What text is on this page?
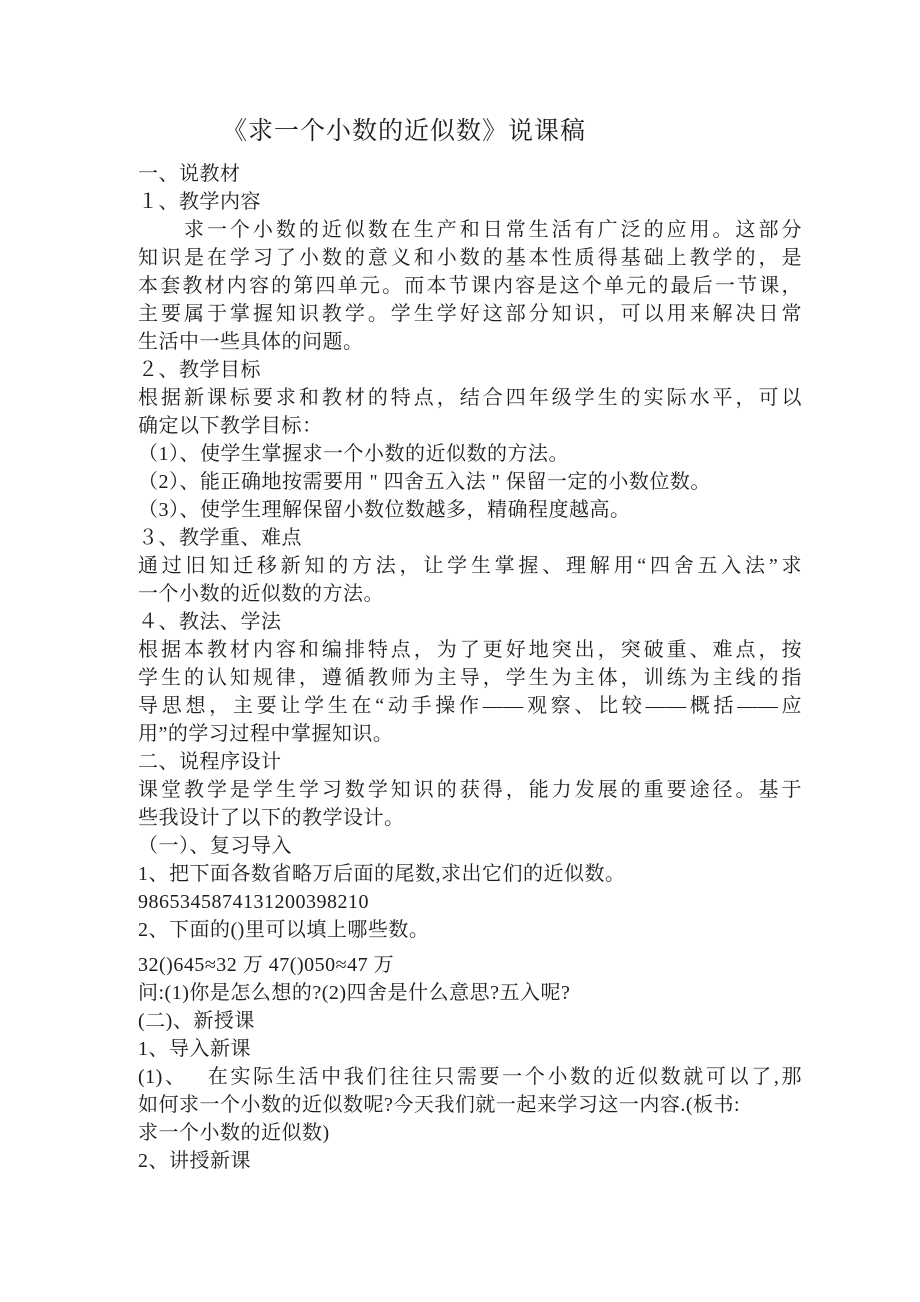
《求一个小数的近似数》说课稿
一、说教材
１、教学内容
　　求一个小数的近似数在生产和日常生活有广泛的应用。这部分
知识是在学习了小数的意义和小数的基本性质得基础上教学的，是
本套教材内容的第四单元。而本节课内容是这个单元的最后一节课，
主要属于掌握知识教学。学生学好这部分知识，可以用来解决日常
生活中一些具体的问题。
２、教学目标
根据新课标要求和教材的特点，结合四年级学生的实际水平，可以
确定以下教学目标：
（1）、使学生掌握求一个小数的近似数的方法。
（2）、能正确地按需要用 " 四舍五入法 " 保留一定的小数位数。
（3）、使学生理解保留小数位数越多，精确程度越高。
３、教学重、难点
通过旧知迁移新知的方法，让学生掌握、理解用“四舍五入法”求
一个小数的近似数的方法。
４、教法、学法
根据本教材内容和编排特点，为了更好地突出，突破重、难点，按
学生的认知规律，遵循教师为主导，学生为主体，训练为主线的指
导思想，主要让学生在“动手操作——观察、比较——概括——应
用”的学习过程中掌握知识。
二、说程序设计
课堂教学是学生学习数学知识的获得，能力发展的重要途径。基于
些我设计了以下的教学设计。
（一）、复习导入
1、把下面各数省略万后面的尾数,求出它们的近似数。
9865345874131200398210
2、下面的()里可以填上哪些数。
32()645≈32 万 47()050≈47 万
问:(1)你是怎么想的?(2)四舍是什么意思?五入呢?
(二)、新授课
1、导入新课
(1)、　 在实际生活中我们往往只需要一个小数的近似数就可以了,那
如何求一个小数的近似数呢?今天我们就一起来学习这一内容.(板书:
求一个小数的近似数)
2、讲授新课
